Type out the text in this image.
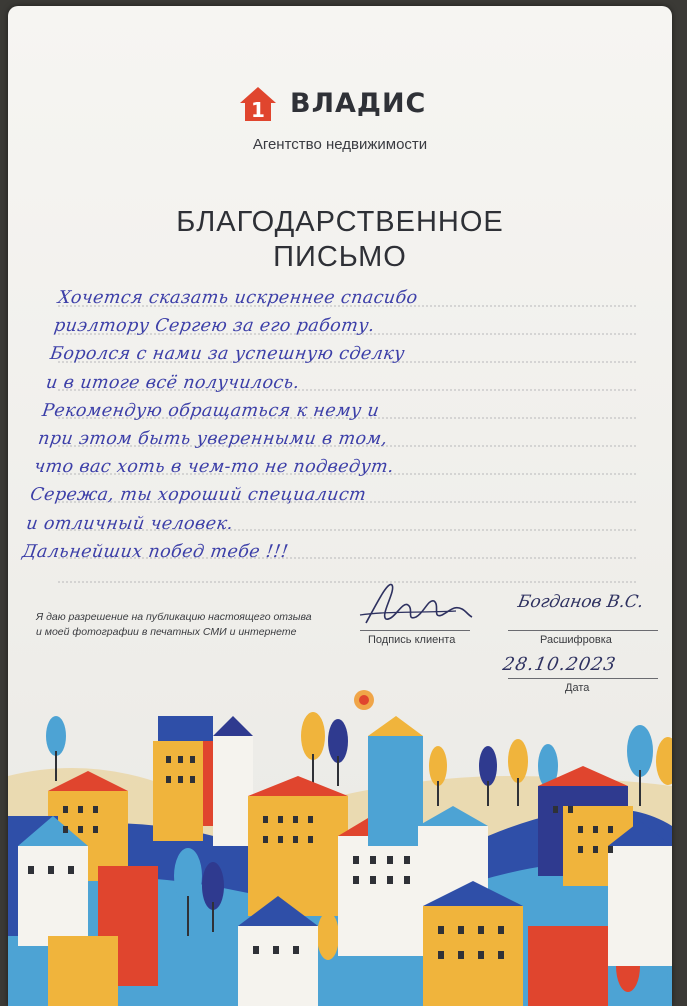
1 ВЛАДИС
Агентство недвижимости
БЛАГОДАРСТВЕННОЕ
ПИСЬМО
Хочется сказать искреннее спасибо
риэлтору Сергею за его работу.
Боролся с нами за успешную сделку
и в итоге всё получилось.
Рекомендую обращаться к нему и
при этом быть уверенными в том,
что вас хоть в чем-то не подведут.
Сережа, ты хороший специалист
и отличный человек.
Дальнейших побед тебе !!!
Я даю разрешение на публикацию настоящего отзыва
и моей фотографии в печатных СМИ и интернете
Подпись клиента
Богданов В.С.
Расшифровка
28.10.2023
Дата
